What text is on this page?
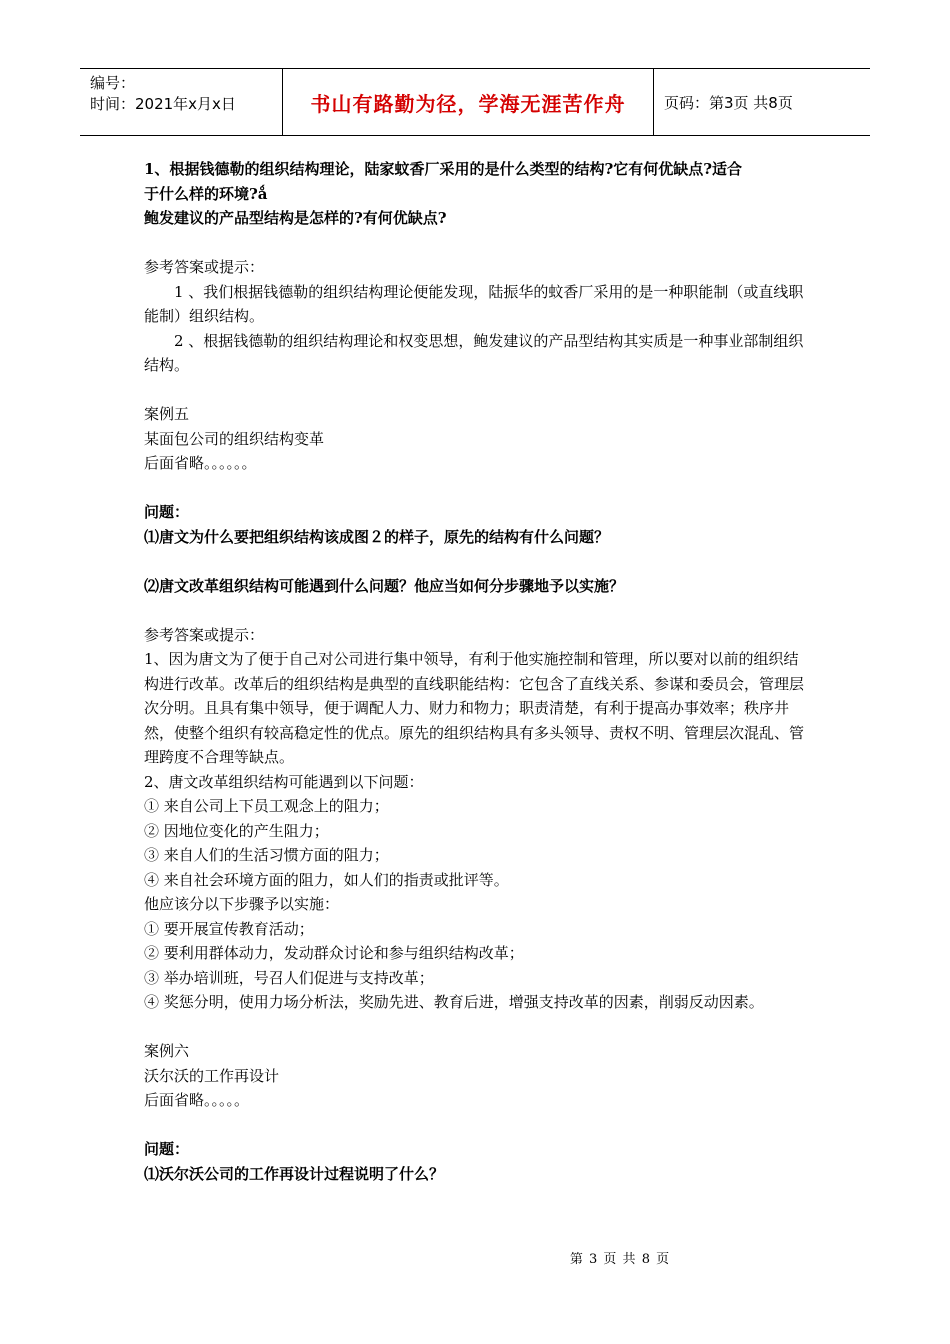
编号：
时间：2021年x月x日	书山有路勤为径，学海无涯苦作舟	页码：第3页 共8页

1、根据钱德勒的组织结构理论，陆家蚊香厂采用的是什么类型的结构?它有何优缺点?适合

于什么样的环境?ǻ

鲍发建议的产品型结构是怎样的?有何优缺点?

参考答案或提示：

1 、我们根据钱德勒的组织结构理论便能发现，陆振华的蚊香厂采用的是一种职能制（或直线职能制）组织结构。

2 、根据钱德勒的组织结构理论和权变思想，鲍发建议的产品型结构其实质是一种事业部制组织结构。

案例五

某面包公司的组织结构变革

后面省略。。。。。。

问题：

⑴唐文为什么要把组织结构该成图２的样子，原先的结构有什么问题？

⑵唐文改革组织结构可能遇到什么问题？他应当如何分步骤地予以实施？

参考答案或提示：

1、因为唐文为了便于自己对公司进行集中领导，有利于他实施控制和管理，所以要对以前的组织结构进行改革。改革后的组织结构是典型的直线职能结构：它包含了直线关系、参谋和委员会，管理层次分明。且具有集中领导，便于调配人力、财力和物力；职责清楚，有利于提高办事效率；秩序井然，使整个组织有较高稳定性的优点。原先的组织结构具有多头领导、责权不明、管理层次混乱、管理跨度不合理等缺点。

2、唐文改革组织结构可能遇到以下问题：

① 来自公司上下员工观念上的阻力；

② 因地位变化的产生阻力；

③ 来自人们的生活习惯方面的阻力；

④ 来自社会环境方面的阻力，如人们的指责或批评等。

他应该分以下步骤予以实施：

① 要开展宣传教育活动；

② 要利用群体动力，发动群众讨论和参与组织结构改革；

③ 举办培训班，号召人们促进与支持改革；

④ 奖惩分明，使用力场分析法，奖励先进、教育后进，增强支持改革的因素，削弱反动因素。

案例六

沃尔沃的工作再设计

后面省略。。。。。

问题：

⑴沃尔沃公司的工作再设计过程说明了什么？

第 3 页 共 8 页
